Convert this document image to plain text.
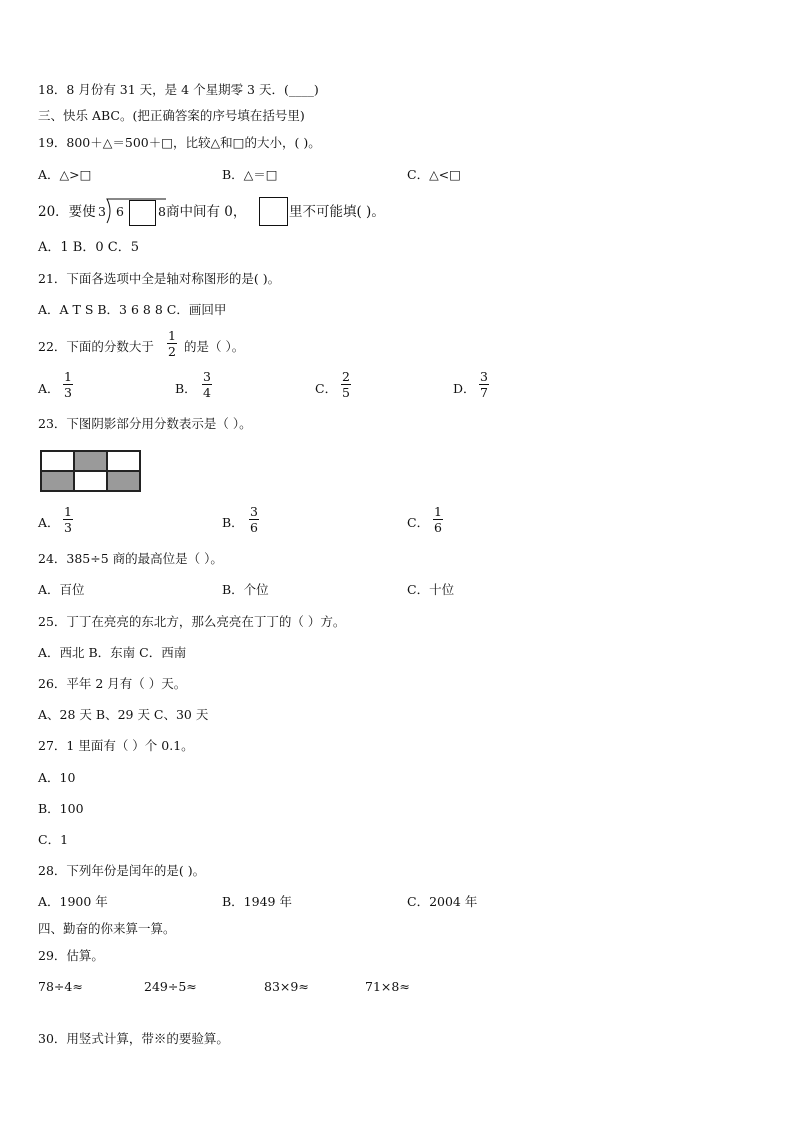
18．8 月份有 31 天，是 4 个星期零 3 天．(____)
三、快乐 ABC。(把正确答案的序号填在括号里)
19．800＋△＝500＋□，比较△和□的大小，( )。
A．△>□	B．△＝□	C．△<□
20．要使 3 6	8 商中间有 0，	里不可能填( )。
A．1 B．0 C．5
21．下面各选项中全是轴对称图形的是( )。
A．A T S B．3 6 8 8 C．画回甲
22．下面的分数大于
1
2 的是（ ）。
A．
1
3	B．
3
4	C．
2
5	D．
3
7
23．下图阴影部分用分数表示是（ ）。
A．
1
3	B．
3
6	C．
1
6
24．385÷5 商的最高位是（ ）。
A．百位	B．个位	C．十位
25．丁丁在亮亮的东北方，那么亮亮在丁丁的（ ）方。
A．西北 B．东南 C．西南
26．平年 2 月有（ ）天。
A、28 天 B、29 天 C、30 天
27．1 里面有（ ）个 0.1。
A．10
B．100
C．1
28．下列年份是闰年的是( )。
A．1900 年	B．1949 年	C．2004 年
四、勤奋的你来算一算。
29．估算。
78÷4≈	249÷5≈	83×9≈	71×8≈
30．用竖式计算，带※的要验算。
